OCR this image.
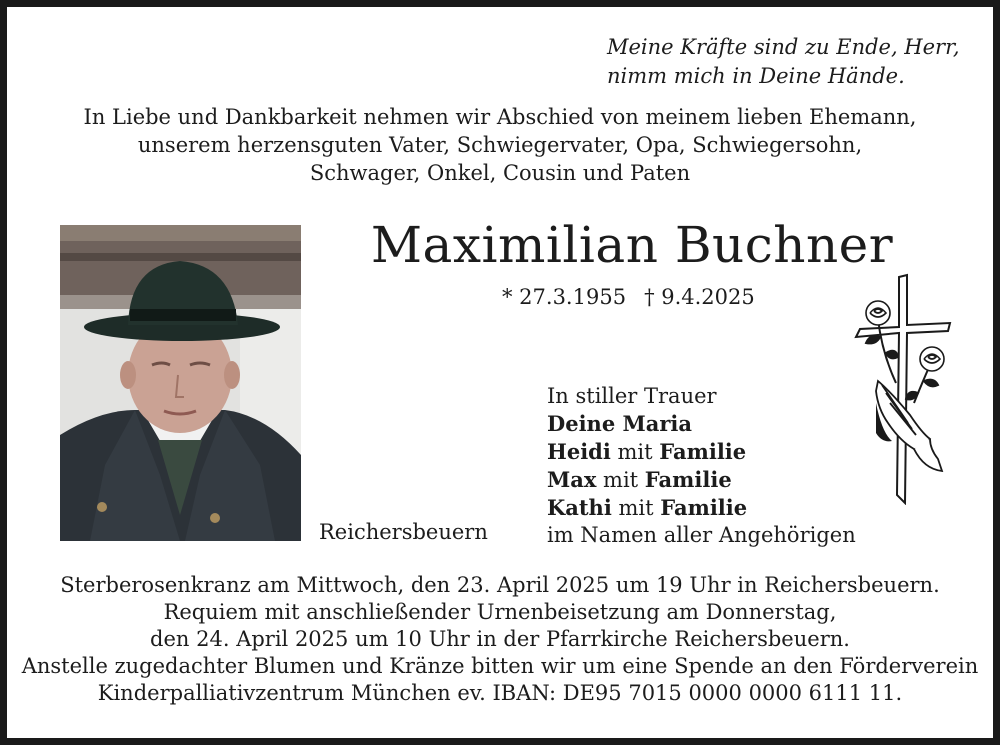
Meine Kräfte sind zu Ende, Herr,
nimm mich in Deine Hände.
In Liebe und Dankbarkeit nehmen wir Abschied von meinem lieben Ehemann,
unserem herzensguten Vater, Schwiegervater, Opa, Schwiegersohn,
Schwager, Onkel, Cousin und Paten
Maximilian Buchner
* 27.3.1955 † 9.4.2025
Reichersbeuern
In stiller Trauer
Deine Maria
Heidi mit Familie
Max mit Familie
Kathi mit Familie
im Namen aller Angehörigen
Sterberosenkranz am Mittwoch, den 23. April 2025 um 19 Uhr in Reichersbeuern.
Requiem mit anschließender Urnenbeisetzung am Donnerstag,
den 24. April 2025 um 10 Uhr in der Pfarrkirche Reichersbeuern.
Anstelle zugedachter Blumen und Kränze bitten wir um eine Spende an den Förderverein
Kinderpalliativzentrum München ev. IBAN: DE95 7015 0000 0000 6111 11.
